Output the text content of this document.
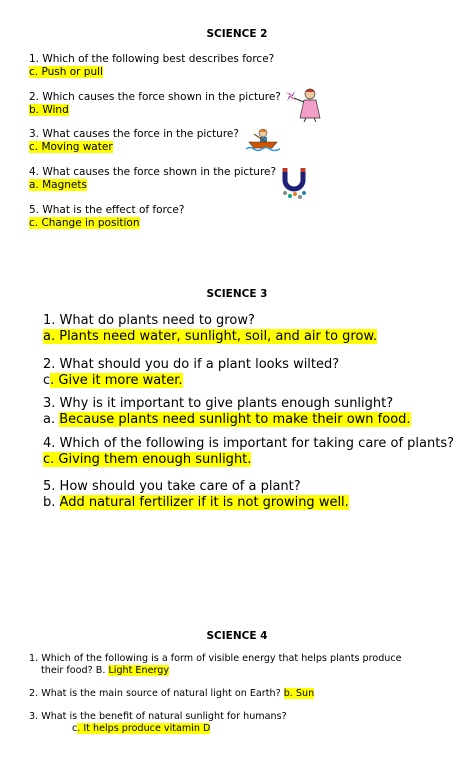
SCIENCE 2
1. Which of the following best describes force?
c. Push or pull
2. Which causes the force shown in the picture?
b. Wind
3. What causes the force in the picture?
c. Moving water
4. What causes the force shown in the picture?
a. Magnets
5. What is the effect of force?
c. Change in position
SCIENCE 3
1. What do plants need to grow?
a. Plants need water, sunlight, soil, and air to grow.
2. What should you do if a plant looks wilted?
c. Give it more water.
3. Why is it important to give plants enough sunlight?
a. Because plants need sunlight to make their own food.
4. Which of the following is important for taking care of plants?
c. Giving them enough sunlight.
5. How should you take care of a plant?
b. Add natural fertilizer if it is not growing well.
SCIENCE 4
1. Which of the following is a form of visible energy that helps plants produce
their food? B. Light Energy
2. What is the main source of natural light on Earth? b. Sun
3. What is the benefit of natural sunlight for humans?
c. It helps produce vitamin D
